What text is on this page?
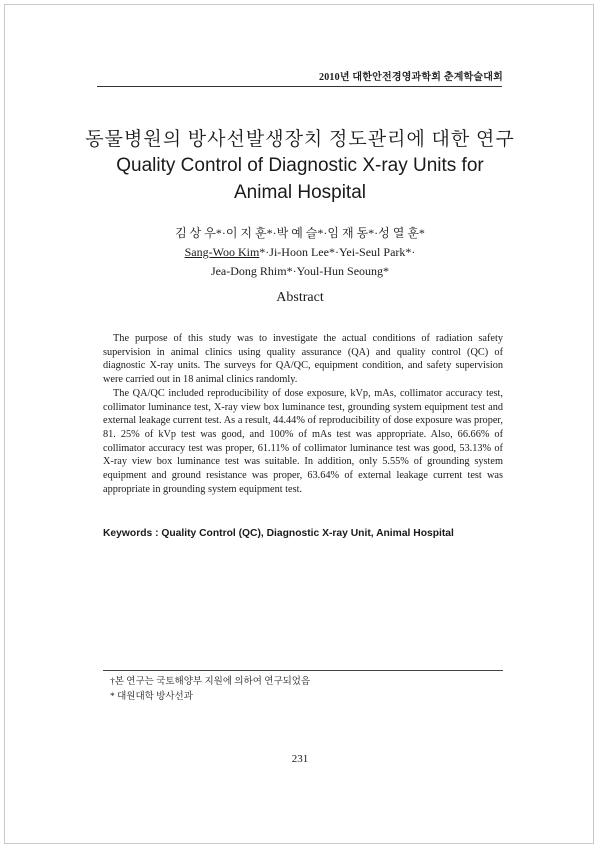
2010년 대한안전경영과학회 춘계학술대회
동물병원의 방사선발생장치 정도관리에 대한 연구
Quality Control of Diagnostic X-ray Units for
Animal Hospital
김 상 우*·이 지 훈*·박 예 슬*·임 재 동*·성 열 훈*
Sang-Woo Kim*·Ji-Hoon Lee*·Yei-Seul Park*·
Jea-Dong Rhim*·Youl-Hun Seoung*
Abstract

The purpose of this study was to investigate the actual conditions of radiation safety supervision in animal clinics using quality assurance (QA) and quality control (QC) of diagnostic X-ray units. The surveys for QA/QC, equipment condition, and safety supervision were carried out in 18 animal clinics randomly.

The QA/QC included reproducibility of dose exposure, kVp, mAs, collimator accuracy test, collimator luminance test, X-ray view box luminance test, grounding system equipment test and external leakage current test. As a result, 44.44% of reproducibility of dose exposure was proper, 81. 25% of kVp test was good, and 100% of mAs test was appropriate. Also, 66.66% of collimator accuracy test was proper, 61.11% of collimator luminance test was good, 53.13% of X-ray view box luminance test was suitable. In addition, only 5.55% of grounding system equipment and ground resistance was proper, 63.64% of external leakage current test was appropriate in grounding system equipment test.

Keywords : Quality Control (QC), Diagnostic X-ray Unit, Animal Hospital
†본 연구는 국토해양부 지원에 의하여 연구되었음
* 대원대학 방사선과
231
